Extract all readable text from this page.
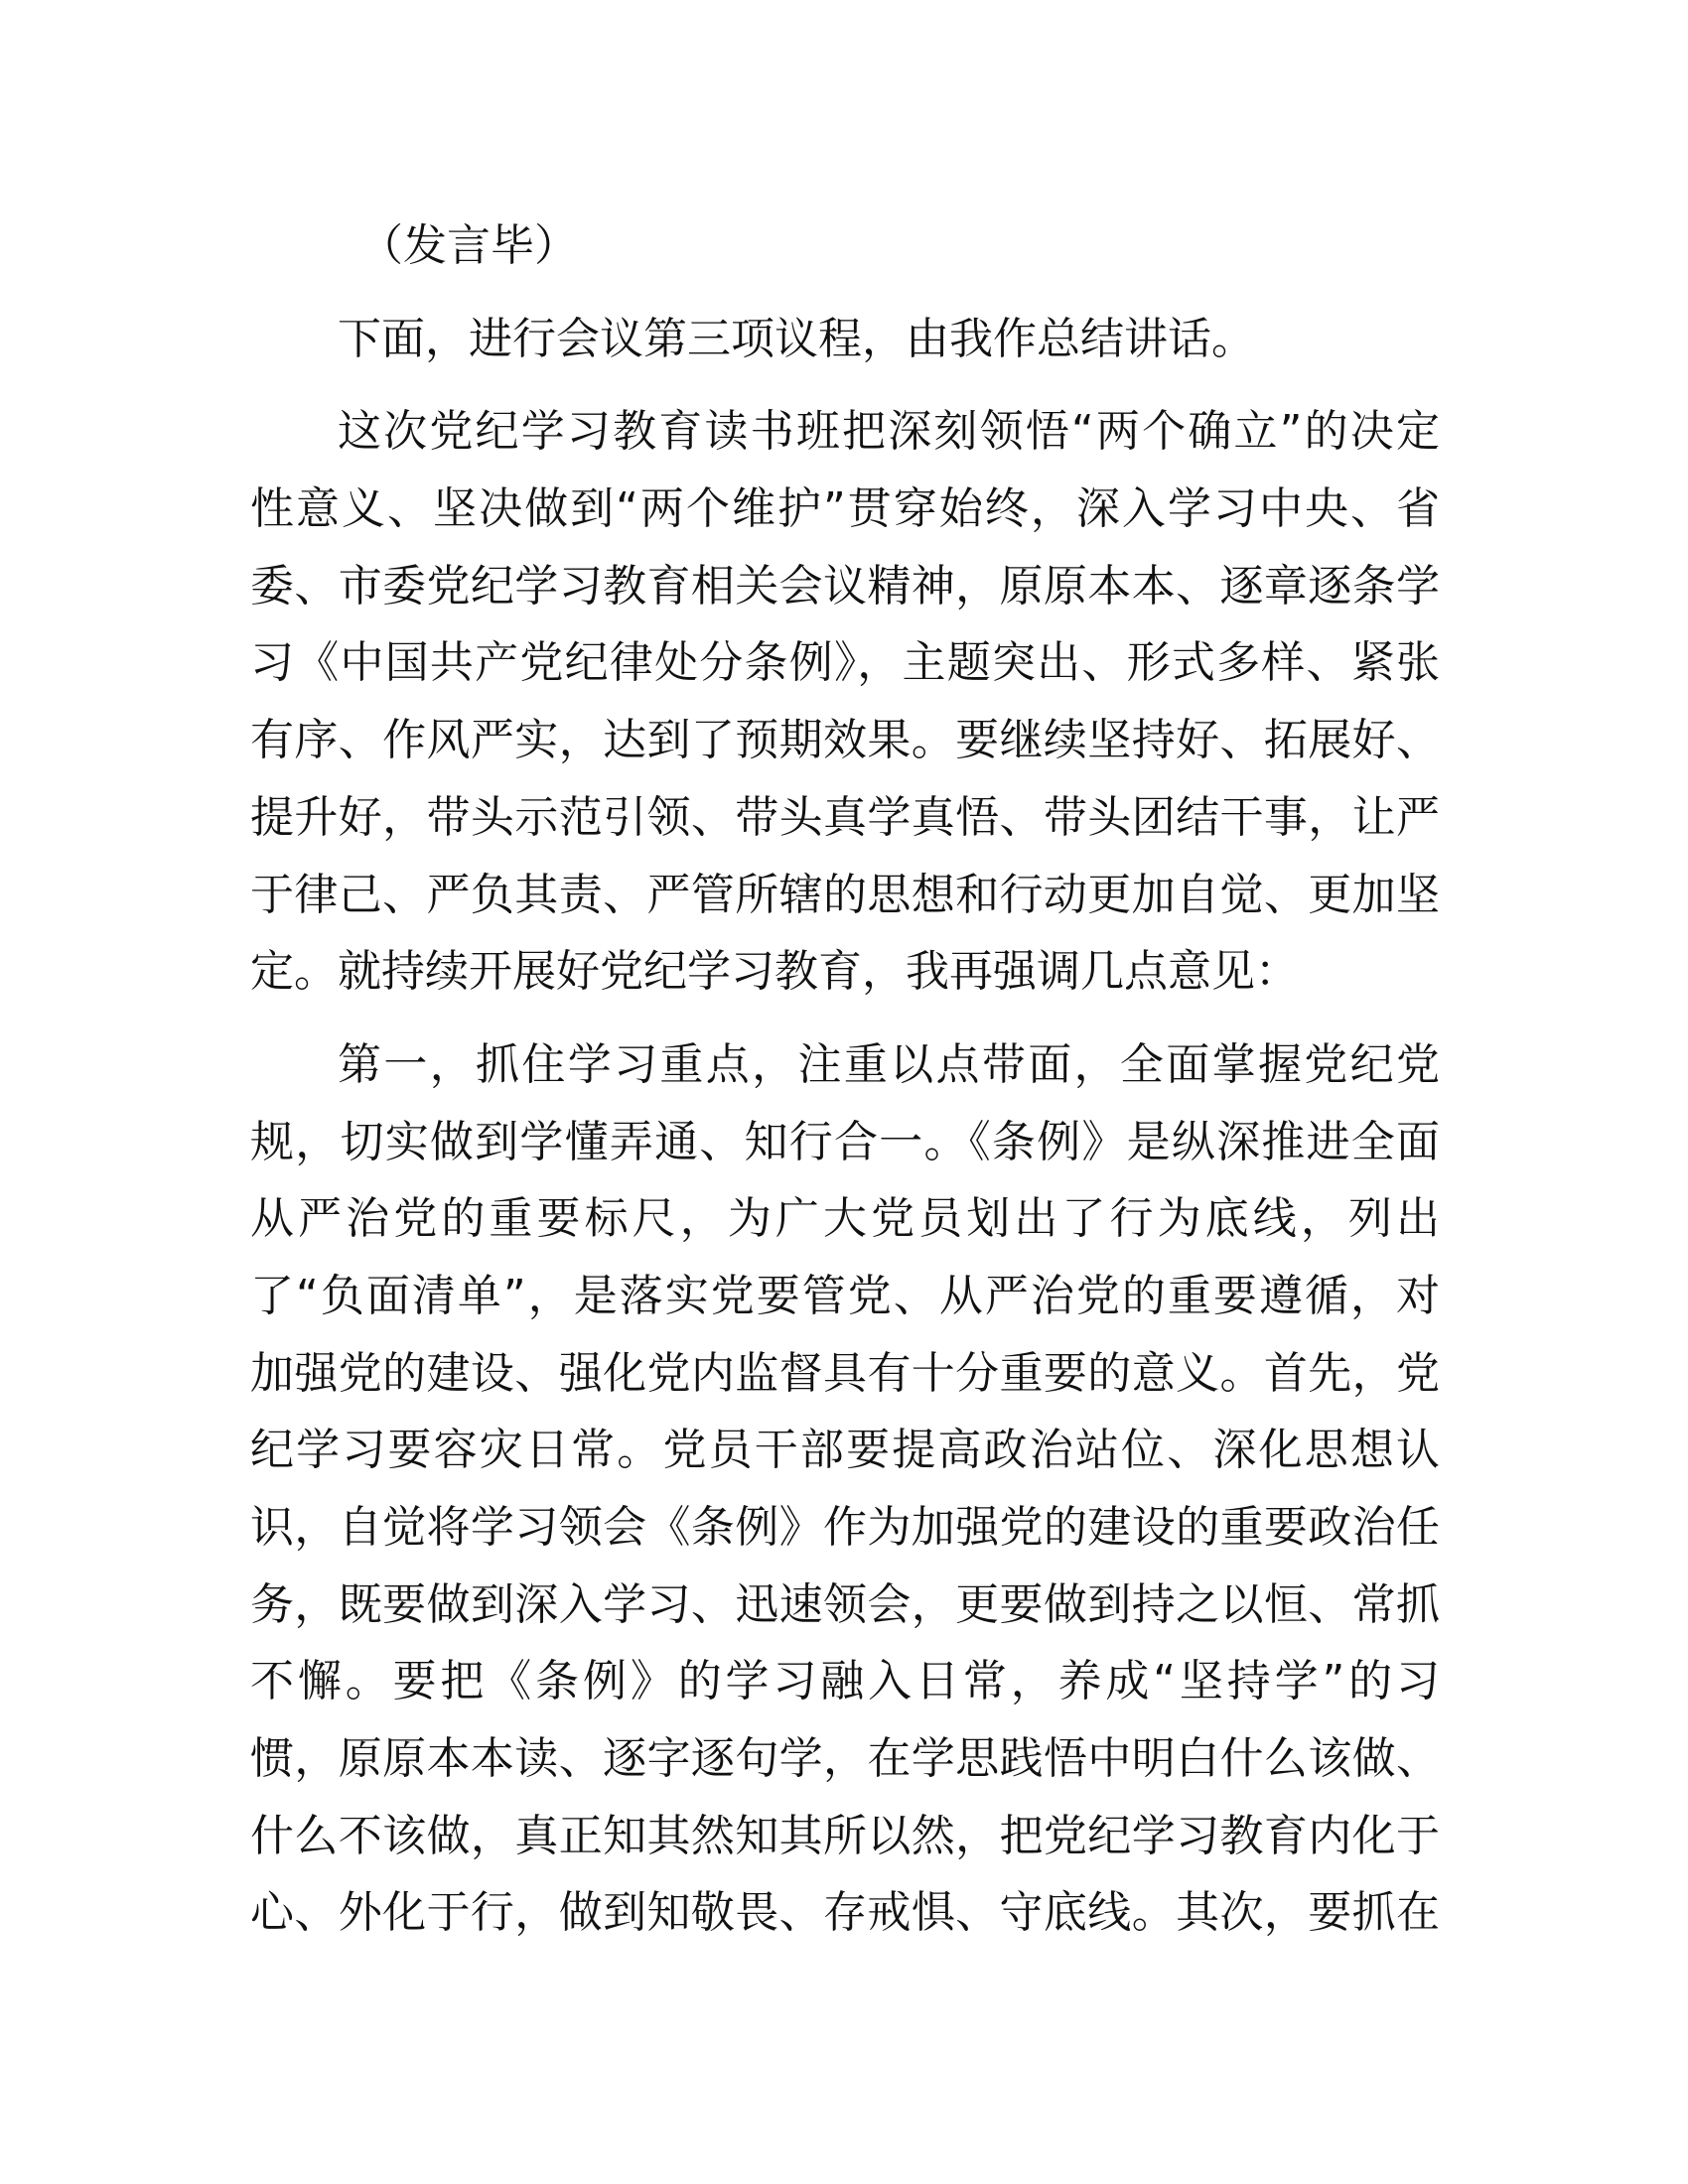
（发言毕）
下面，进行会议第三项议程，由我作总结讲话。
这次党纪学习教育读书班把深刻领悟“两个确立”的决定
性意义、坚决做到“两个维护”贯穿始终，深入学习中央、省
委、市委党纪学习教育相关会议精神，原原本本、逐章逐条学
习《中国共产党纪律处分条例》，主题突出、形式多样、紧张
有序、作风严实，达到了预期效果。要继续坚持好、拓展好、
提升好，带头示范引领、带头真学真悟、带头团结干事，让严
于律己、严负其责、严管所辖的思想和行动更加自觉、更加坚
定。就持续开展好党纪学习教育，我再强调几点意见：
第一，抓住学习重点，注重以点带面，全面掌握党纪党
规，切实做到学懂弄通、知行合一。《条例》是纵深推进全面
从严治党的重要标尺，为广大党员划出了行为底线，列出
了“负面清单”，是落实党要管党、从严治党的重要遵循，对
加强党的建设、强化党内监督具有十分重要的意义。首先，党
纪学习要容灾日常。党员干部要提高政治站位、深化思想认
识，自觉将学习领会《条例》作为加强党的建设的重要政治任
务，既要做到深入学习、迅速领会，更要做到持之以恒、常抓
不懈。要把《条例》的学习融入日常，养成“坚持学”的习
惯，原原本本读、逐字逐句学，在学思践悟中明白什么该做、
什么不该做，真正知其然知其所以然，把党纪学习教育内化于
心、外化于行，做到知敬畏、存戒惧、守底线。其次，要抓在
